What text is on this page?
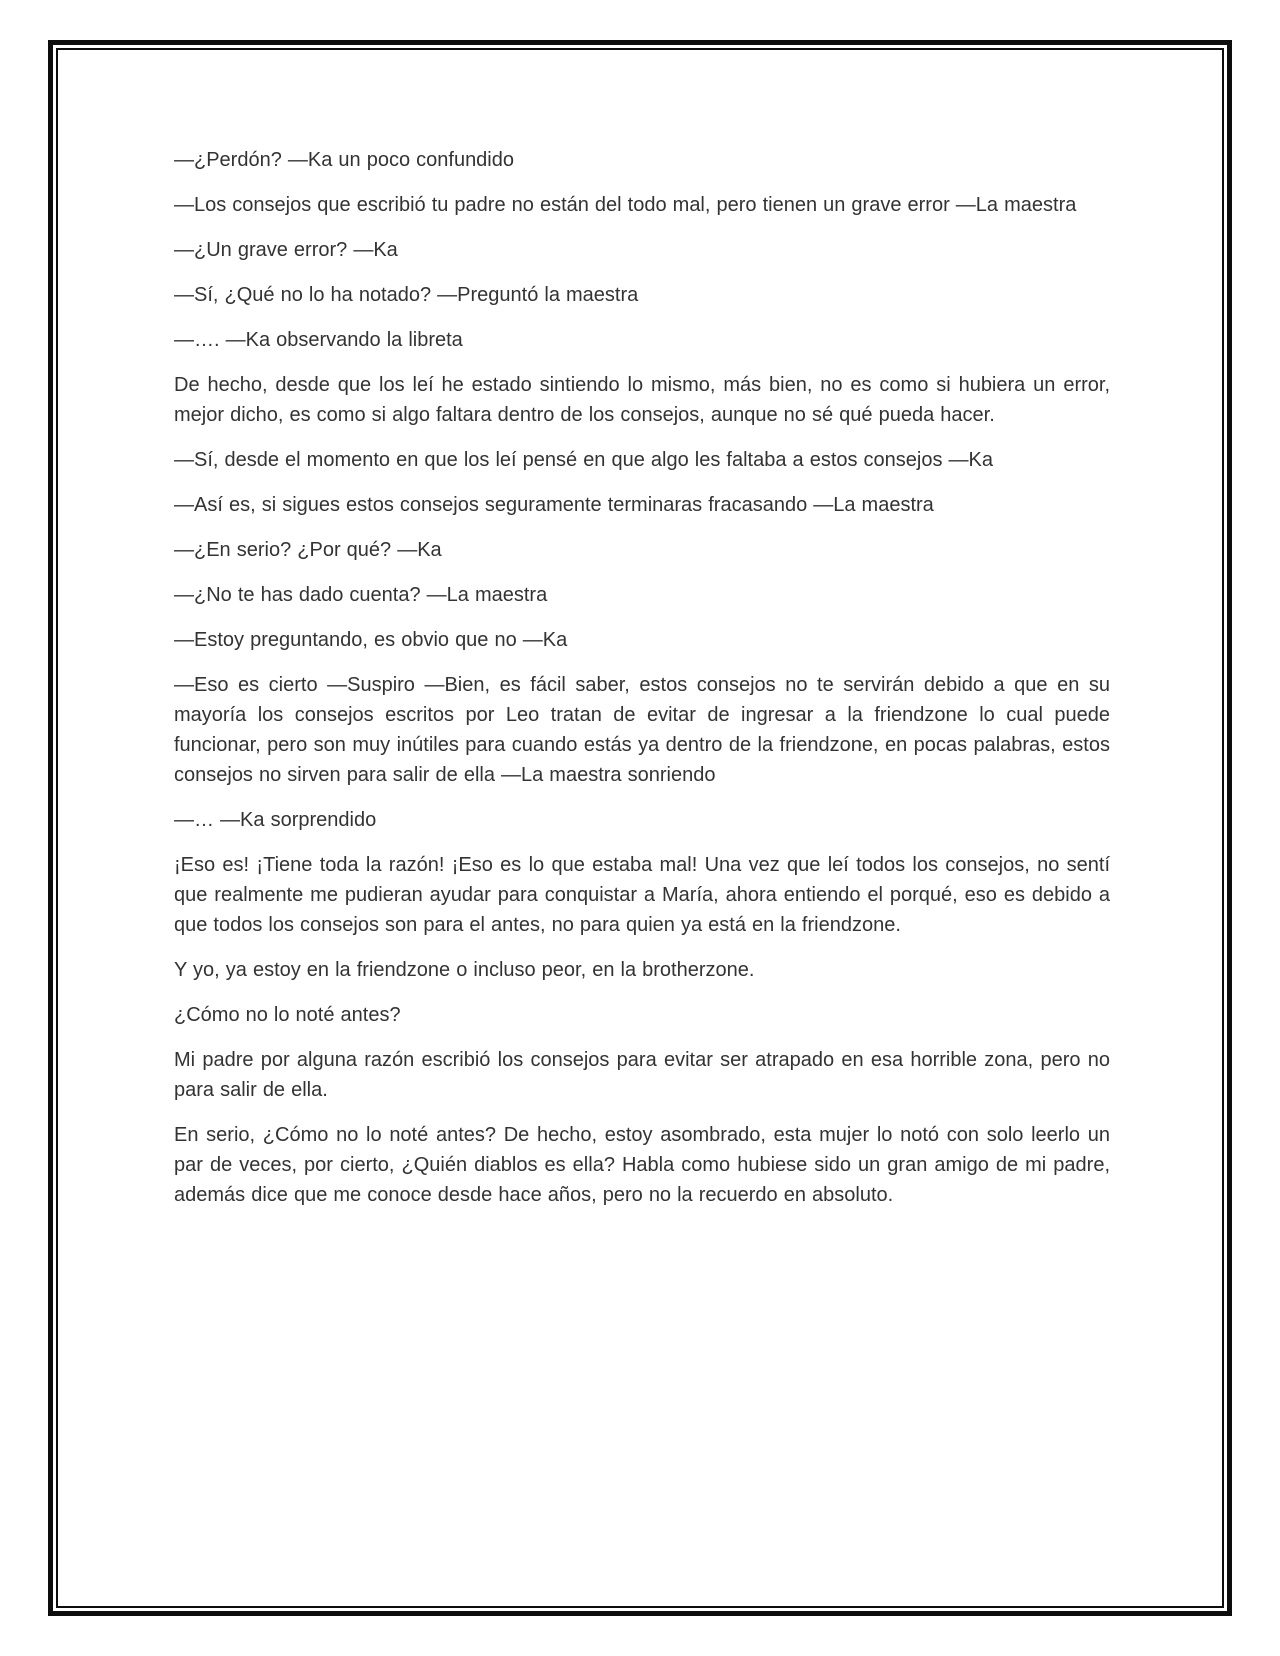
—¿Perdón? —Ka un poco confundido

—Los consejos que escribió tu padre no están del todo mal, pero tienen un grave error —La maestra

—¿Un grave error? —Ka

—Sí, ¿Qué no lo ha notado? —Preguntó la maestra

—…. —Ka observando la libreta

De hecho, desde que los leí he estado sintiendo lo mismo, más bien, no es como si hubiera un error, mejor dicho, es como si algo faltara dentro de los consejos, aunque no sé qué pueda hacer.

—Sí, desde el momento en que los leí pensé en que algo les faltaba a estos consejos —Ka

—Así es, si sigues estos consejos seguramente terminaras fracasando —La maestra

—¿En serio? ¿Por qué? —Ka

—¿No te has dado cuenta? —La maestra

—Estoy preguntando, es obvio que no —Ka

—Eso es cierto —Suspiro —Bien, es fácil saber, estos consejos no te servirán debido a que en su mayoría los consejos escritos por Leo tratan de evitar de ingresar a la friendzone lo cual puede funcionar, pero son muy inútiles para cuando estás ya dentro de la friendzone, en pocas palabras, estos consejos no sirven para salir de ella —La maestra sonriendo

—… —Ka sorprendido

¡Eso es! ¡Tiene toda la razón! ¡Eso es lo que estaba mal! Una vez que leí todos los consejos, no sentí que realmente me pudieran ayudar para conquistar a María, ahora entiendo el porqué, eso es debido a que todos los consejos son para el antes, no para quien ya está en la friendzone.

Y yo, ya estoy en la friendzone o incluso peor, en la brotherzone.

¿Cómo no lo noté antes?

Mi padre por alguna razón escribió los consejos para evitar ser atrapado en esa horrible zona, pero no para salir de ella.

En serio, ¿Cómo no lo noté antes? De hecho, estoy asombrado, esta mujer lo notó con solo leerlo un par de veces, por cierto, ¿Quién diablos es ella? Habla como hubiese sido un gran amigo de mi padre, además dice que me conoce desde hace años, pero no la recuerdo en absoluto.
